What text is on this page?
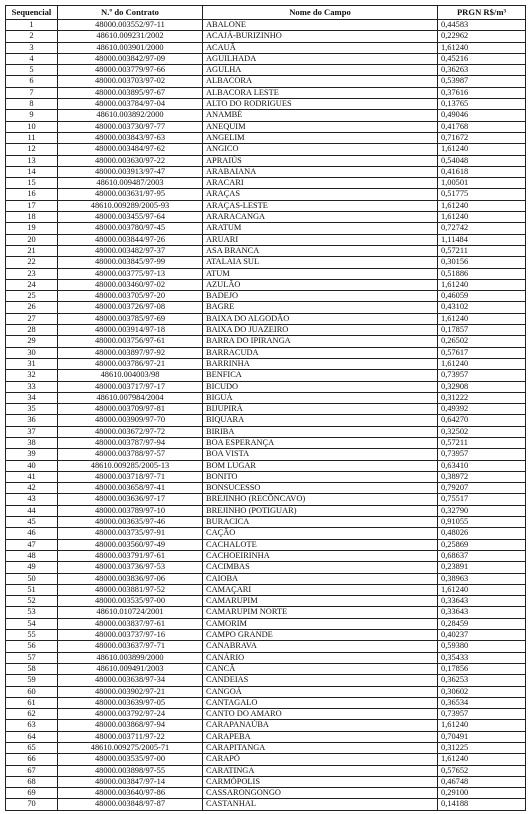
Sequencial	N.º do Contrato	Nome do Campo	PRGN R$/m³
1	48000.003552/97-11	ABALONE	0,44583
2	48610.009231/2002	ACAJÁ-BURIZINHO	0,22962
3	48610.003901/2000	ACAUÃ	1,61240
4	48000.003842/97-09	AGUILHADA	0,45216
5	48000.003779/97-66	AGULHA	0,36263
6	48000.003703/97-02	ALBACORA	0,53987
7	48000.003895/97-67	ALBACORA LESTE	0,37616
8	48000.003784/97-04	ALTO DO RODRIGUES	0,13765
9	48610.003892/2000	ANAMBÉ	0,49046
10	48000.003730/97-77	ANEQUIM	0,41768
11	48000.003843/97-63	ANGELIM	0,71672
12	48000.003484/97-62	ANGICO	1,61240
13	48000.003630/97-22	APRAIÚS	0,54048
14	48000.003913/97-47	ARABAIANA	0,41618
15	48610.009487/2003	ARACARI	1,00501
16	48000.003631/97-95	ARAÇAS	0,51775
17	48610.009289/2005-93	ARAÇAS-LESTE	1,61240
18	48000.003455/97-64	ARARACANGA	1,61240
19	48000.003780/97-45	ARATUM	0,72742
20	48000.003844/97-26	ARUARI	1,11484
21	48000.003482/97-37	ASA BRANCA	0,57211
22	48000.003845/97-99	ATALAIA SUL	0,30156
23	48000.003775/97-13	ATUM	0,51886
24	48000.003460/97-02	AZULÃO	1,61240
25	48000.003705/97-20	BADEJO	0,46059
26	48000.003726/97-08	BAGRE	0,43102
27	48000.003785/97-69	BAIXA DO ALGODÃO	1,61240
28	48000.003914/97-18	BAIXA DO JUAZEIRO	0,17857
29	48000.003756/97-61	BARRA DO IPIRANGA	0,26502
30	48000.003897/97-92	BARRACUDA	0,57617
31	48000.003786/97-21	BARRINHA	1,61240
32	48610.004003/98	BENFICA	0,73957
33	48000.003717/97-17	BICUDO	0,32908
34	48610.007984/2004	BIGUÁ	0,31222
35	48000.003709/97-81	BIJUPIRÁ	0,49392
36	48000.003909/97-70	BIQUARA	0,64270
37	48000.003672/97-72	BIRIBA	0,32502
38	48000.003787/97-94	BOA ESPERANÇA	0,57211
39	48000.003788/97-57	BOA VISTA	0,73957
40	48610.009285/2005-13	BOM LUGAR	0,63410
41	48000.003718/97-71	BONITO	0,38972
42	48000.003658/97-41	BONSUCESSO	0,79207
43	48000.003636/97-17	BREJINHO (RECÔNCAVO)	0,75517
44	48000.003789/97-10	BREJINHO (POTIGUAR)	0,32790
45	48000.003635/97-46	BURACICA	0,91055
46	48000.003735/97-91	CAÇÃO	0,48026
47	48000.003560/97-49	CACHALOTE	0,25869
48	48000.003791/97-61	CACHOEIRINHA	0,68637
49	48000.003736/97-53	CACIMBAS	0,23891
50	48000.003836/97-06	CAIOBA	0,38963
51	48000.003881/97-52	CAMAÇARI	1,61240
52	48000.003535/97-00	CAMARUPIM	0,33643
53	48610.010724/2001	CAMARUPIM NORTE	0,33643
54	48000.003837/97-61	CAMORIM	0,28459
55	48000.003737/97-16	CAMPO GRANDE	0,40237
56	48000.003637/97-71	CANABRAVA	0,59380
57	48610.003899/2000	CANÁRIO	0,35433
58	48610.009491/2003	CANCÃ	0,17856
59	48000.003638/97-34	CANDEIAS	0,36253
60	48000.003902/97-21	CANGOÁ	0,30602
61	48000.003639/97-05	CANTAGALO	0,36534
62	48000.003792/97-24	CANTO DO AMARO	0,73957
63	48000.003868/97-94	CARAPANAÚBA	1,61240
64	48000.003711/97-22	CARAPEBA	0,70491
65	48610.009275/2005-71	CARAPITANGA	0,31225
66	48000.003535/97-00	CARAPÓ	1,61240
67	48000.003898/97-55	CARATINGA	0,57652
68	48000.003847/97-14	CARMÓPOLIS	0,46748
69	48000.003640/97-86	CASSARONGONGO	0,29100
70	48000.003848/97-87	CASTANHAL	0,14188
